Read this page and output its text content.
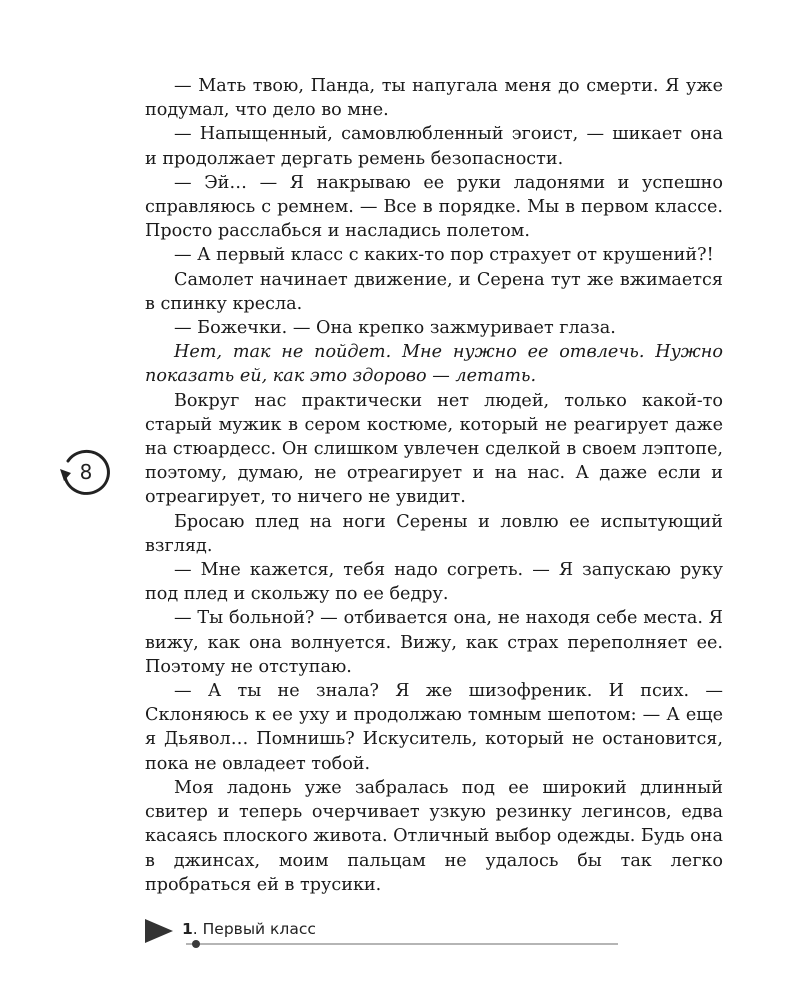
— Мать твою, Панда, ты напугала меня до смерти. Я уже подумал, что дело во мне.

— Напыщенный, самовлюбленный эгоист, — шикает она и продолжает дергать ремень безопасности.

— Эй… — Я накрываю ее руки ладонями и успешно справляюсь с ремнем. — Все в порядке. Мы в первом классе. Просто расслабься и насладись полетом.

— А первый класс с каких-то пор страхует от крушений?!

Самолет начинает движение, и Серена тут же вжимается в спинку кресла.

— Божечки. — Она крепко зажмуривает глаза.

Нет, так не пойдет. Мне нужно ее отвлечь. Нужно показать ей, как это здорово — летать.

Вокруг нас практически нет людей, только какой-то старый мужик в сером костюме, который не реагирует даже на стюардесс. Он слишком увлечен сделкой в своем лэптопе, поэтому, думаю, не отреагирует и на нас. А даже если и отреагирует, то ничего не увидит.

Бросаю плед на ноги Серены и ловлю ее испытующий взгляд.

— Мне кажется, тебя надо согреть. — Я запускаю руку под плед и скольжу по ее бедру.

— Ты больной? — отбивается она, не находя себе места. Я вижу, как она волнуется. Вижу, как страх переполняет ее. Поэтому не отступаю.

— А ты не знала? Я же шизофреник. И псих. — Склоняюсь к ее уху и продолжаю томным шепотом: — А еще я Дьявол… Помнишь? Искуситель, который не остановится, пока не овладеет тобой.

Моя ладонь уже забралась под ее широкий длинный свитер и теперь очерчивает узкую резинку легинсов, едва касаясь плоского живота. Отличный выбор одежды. Будь она в джинсах, моим пальцам не удалось бы так легко пробраться ей в трусики.

8
1. Первый класс
